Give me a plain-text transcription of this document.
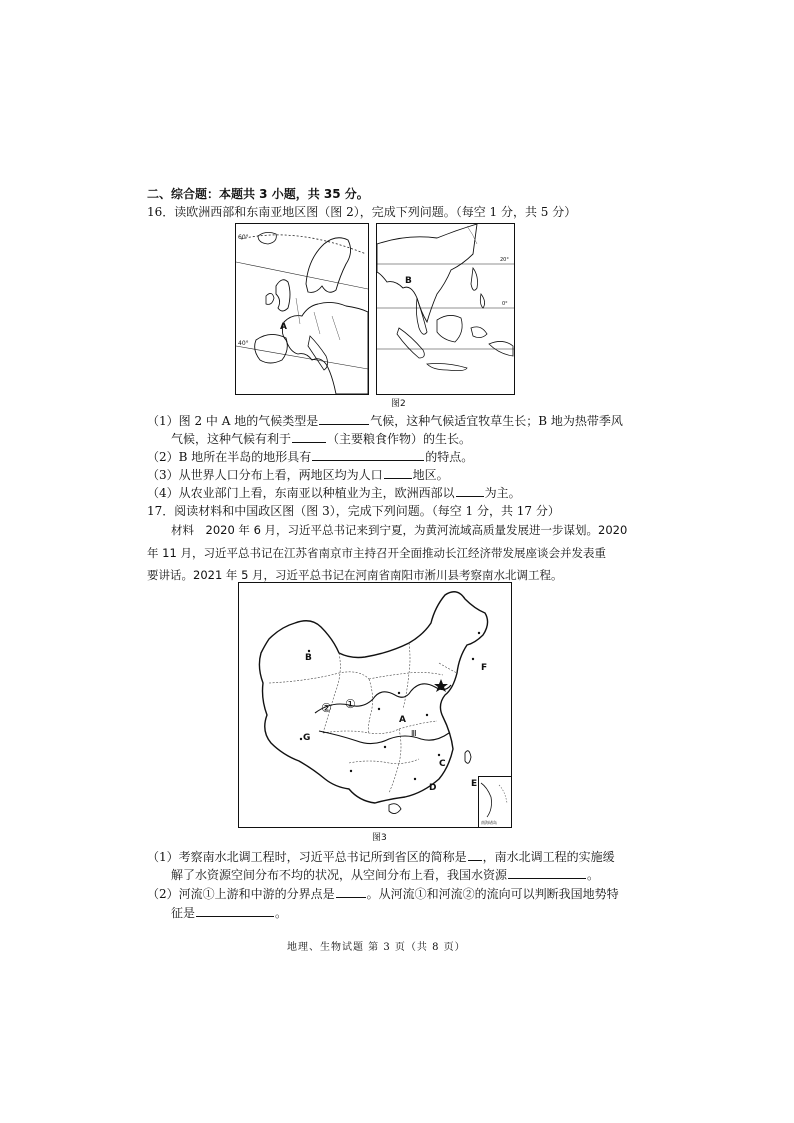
二、综合题：本题共 3 小题，共 35 分。
16．读欧洲西部和东南亚地区图（图 2），完成下列问题。（每空 1 分，共 5 分）
60°
40°
A
20°
0°
B
图2
（1）图 2 中 A 地的气候类型是	气候，这种气候适宜牧草生长；B 地为热带季风
气候，这种气候有利于	（主要粮食作物）的生长。
（2）B 地所在半岛的地形具有	的特点。
（3）从世界人口分布上看，两地区均为人口	地区。
（4）从农业部门上看，东南亚以种植业为主，欧洲西部以	为主。
17．阅读材料和中国政区图（图 3），完成下列问题。（每空 1 分，共 17 分）
材料　2020 年 6 月，习近平总书记来到宁夏，为黄河流域高质量发展进一步谋划。2020
年 11 月，习近平总书记在江苏省南京市主持召开全面推动长江经济带发展座谈会并发表重
要讲话。2021 年 5 月，习近平总书记在河南省南阳市淅川县考察南水北调工程。
南海诸岛
B
G
A
C
D	E
F
② ①
Ⅲ
图3
（1）考察南水北调工程时，习近平总书记所到省区的简称是 ，南水北调工程的实施缓
解了水资源空间分布不均的状况，从空间分布上看，我国水资源	。
（2）河流①上游和中游的分界点是	。从河流①和河流②的流向可以判断我国地势特
征是	。
地理、生物试题 第 3 页（共 8 页）
